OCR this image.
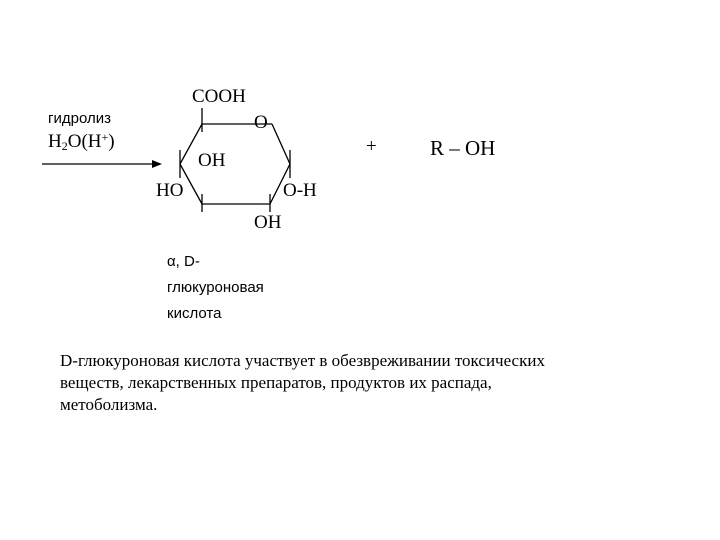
гидролиз
$H_2O(H^+)$
COOH
O
OH
HO	O-H
OH
+	R – OH
α, D-
глюкуроновая
кислота
D-глюкуроновая кислота участвует в обезвреживании токсических
веществ, лекарственных препаратов, продуктов их распада,
метоболизма.
